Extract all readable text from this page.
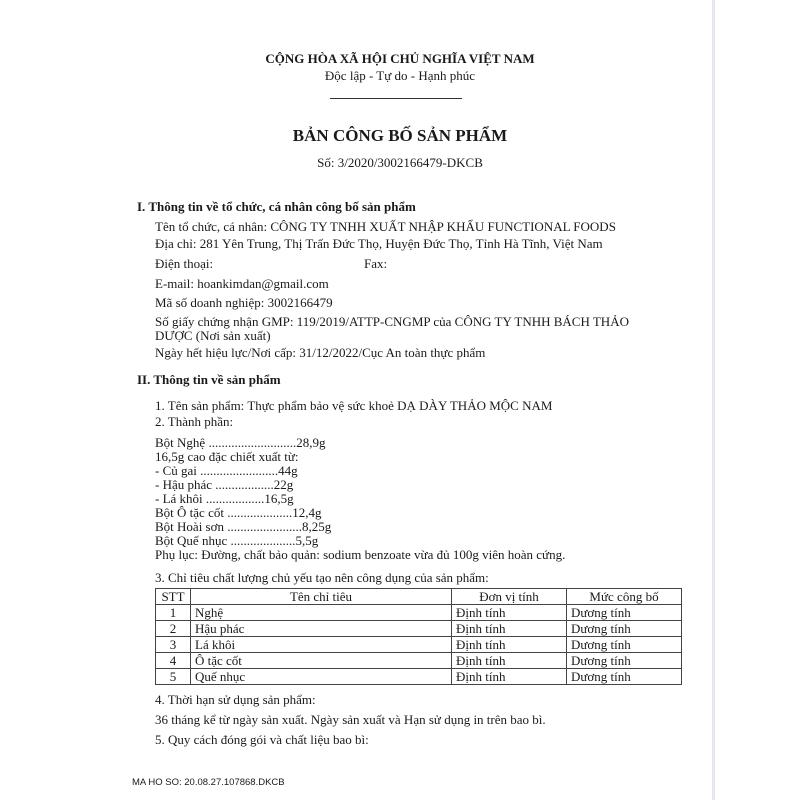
CỘNG HÒA XÃ HỘI CHỦ NGHĨA VIỆT NAM
Độc lập - Tự do - Hạnh phúc
BẢN CÔNG BỐ SẢN PHẨM
Số: 3/2020/3002166479-DKCB
I. Thông tin về tổ chức, cá nhân công bố sản phẩm
Tên tổ chức, cá nhân: CÔNG TY TNHH XUẤT NHẬP KHẨU FUNCTIONAL FOODS
Địa chỉ: 281 Yên Trung, Thị Trấn Đức Thọ, Huyện Đức Thọ, Tỉnh Hà Tĩnh, Việt Nam
Điện thoại:	Fax:
E-mail: hoankimdan@gmail.com
Mã số doanh nghiệp: 3002166479
Số giấy chứng nhận GMP: 119/2019/ATTP-CNGMP của CÔNG TY TNHH BÁCH THẢO
DƯỢC (Nơi sản xuất)
Ngày hết hiệu lực/Nơi cấp: 31/12/2022/Cục An toàn thực phẩm
II. Thông tin về sản phẩm
1. Tên sản phẩm: Thực phẩm bảo vệ sức khoẻ DẠ DÀY THẢO MỘC NAM
2. Thành phần:
Bột Nghệ ...........................28,9g
16,5g cao đặc chiết xuất từ:
- Củ gai ........................44g
- Hậu phác ..................22g
- Lá khôi ..................16,5g
Bột Ô tặc cốt ....................12,4g
Bột Hoài sơn .......................8,25g
Bột Quế nhục ....................5,5g
Phụ lục: Đường, chất bảo quản: sodium benzoate vừa đủ 100g viên hoàn cứng.
3. Chỉ tiêu chất lượng chủ yếu tạo nên công dụng của sản phẩm:
STT	Tên chỉ tiêu	Đơn vị tính	Mức công bố
1	Nghệ	Định tính	Dương tính
2	Hậu phác	Định tính	Dương tính
3	Lá khôi	Định tính	Dương tính
4	Ô tặc cốt	Định tính	Dương tính
5	Quế nhục	Định tính	Dương tính
4. Thời hạn sử dụng sản phẩm:
36 tháng kể từ ngày sản xuất. Ngày sản xuất và Hạn sử dụng in trên bao bì.
5. Quy cách đóng gói và chất liệu bao bì:
MA HO SO: 20.08.27.107868.DKCB
